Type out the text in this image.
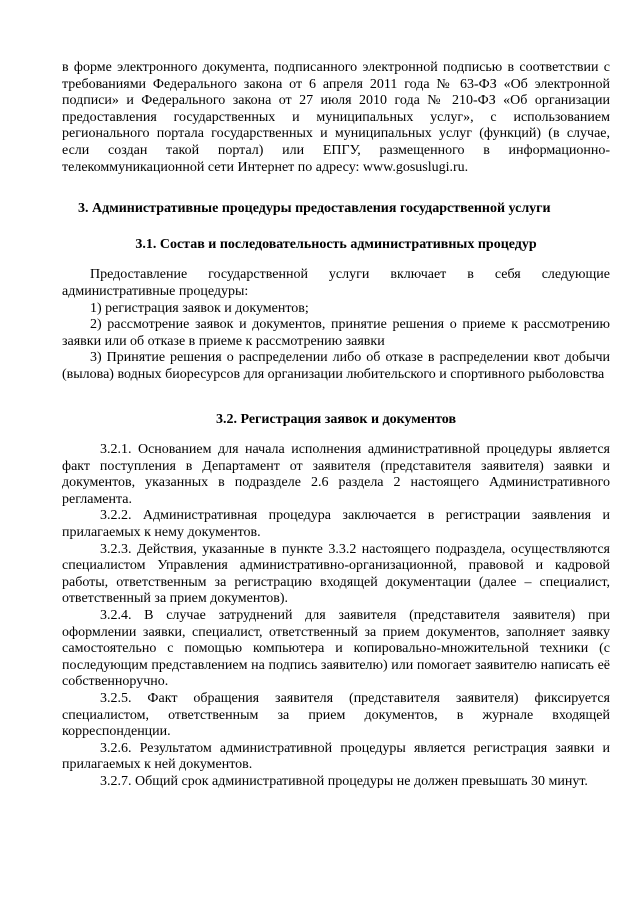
в форме электронного документа, подписанного электронной подписью в соответствии с требованиями Федерального закона от 6 апреля 2011 года № 63-ФЗ «Об электронной подписи» и Федерального закона от 27 июля 2010 года № 210-ФЗ «Об организации предоставления государственных и муниципальных услуг», с использованием регионального портала государственных и муниципальных услуг (функций) (в случае, если создан такой портал) или ЕПГУ, размещенного в информационно-телекоммуникационной сети Интернет по адресу: www.gosuslugi.ru.

3. Административные процедуры предоставления государственной услуги
3.1. Состав и последовательность административных процедур

Предоставление государственной услуги включает в себя следующие административные процедуры:

1) регистрация заявок и документов;

2) рассмотрение заявок и документов, принятие решения о приеме к рассмотрению заявки или об отказе в приеме к рассмотрению заявки

3) Принятие решения о распределении либо об отказе в распределении квот добычи (вылова) водных биоресурсов для организации любительского и спортивного рыболовства

3.2. Регистрация заявок и документов

3.2.1. Основанием для начала исполнения административной процедуры является факт поступления в Департамент от заявителя (представителя заявителя) заявки и документов, указанных в подразделе 2.6 раздела 2 настоящего Административного регламента.

3.2.2. Административная процедура заключается в регистрации заявления и прилагаемых к нему документов.

3.2.3. Действия, указанные в пункте 3.3.2 настоящего подраздела, осуществляются специалистом Управления административно-организационной, правовой и кадровой работы, ответственным за регистрацию входящей документации (далее – специалист, ответственный за прием документов).

3.2.4. В случае затруднений для заявителя (представителя заявителя) при оформлении заявки, специалист, ответственный за прием документов, заполняет заявку самостоятельно с помощью компьютера и копировально-множительной техники (с последующим представлением на подпись заявителю) или помогает заявителю написать её собственноручно.

3.2.5. Факт обращения заявителя (представителя заявителя) фиксируется специалистом, ответственным за прием документов, в журнале входящей корреспонденции.

3.2.6. Результатом административной процедуры является регистрация заявки и прилагаемых к ней документов.

3.2.7. Общий срок административной процедуры не должен превышать 30 минут.
